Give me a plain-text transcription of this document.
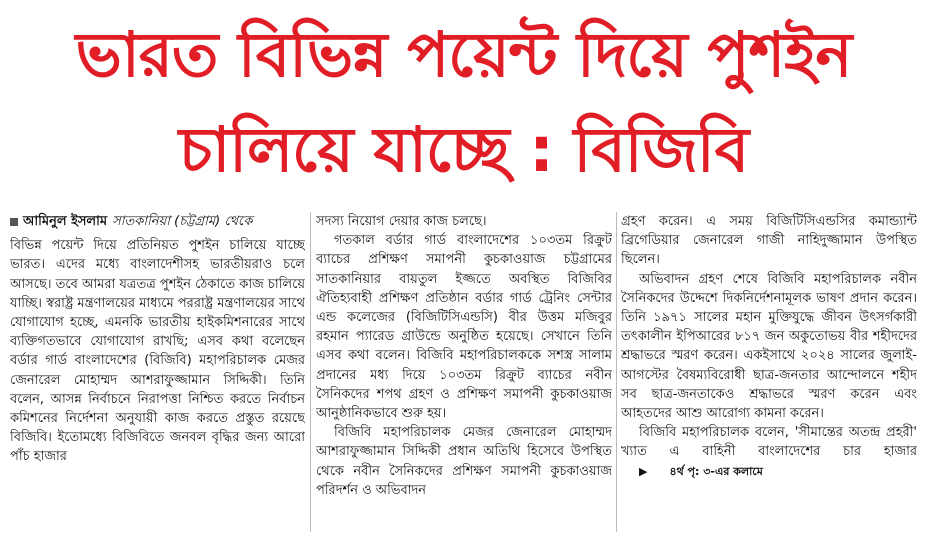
ভারত বিভিন্ন পয়েন্ট দিয়ে পুশইন
চালিয়ে যাচ্ছে : বিজিবি
আমিনুল ইসলাম সাতকানিয়া (চট্টগ্রাম) থেকে

বিভিন্ন পয়েন্ট দিয়ে প্রতিনিয়ত পুশইন চালিয়ে যাচ্ছে ভারত। এদের মধ্যে বাংলাদেশীসহ ভারতীয়রাও চলে আসছে। তবে আমরা যত্রতত্র পুশইন ঠেকাতে কাজ চালিয়ে যাচ্ছি। স্বরাষ্ট্র মন্ত্রণালয়ের মাধ্যমে পররাষ্ট্র মন্ত্রণালয়ের সাথে যোগাযোগ হচ্ছে, এমনকি ভারতীয় হাইকমিশনারের সাথে ব্যক্তিগতভাবে যোগাযোগ রাখছি; এসব কথা বলেছেন বর্ডার গার্ড বাংলাদেশের (বিজিবি) মহাপরিচালক মেজর জেনারেল মোহাম্মদ আশরাফুজ্জামান সিদ্দিকী। তিনি বলেন, আসন্ন নির্বাচনে নিরাপত্তা নিশ্চিত করতে নির্বাচন কমিশনের নির্দেশনা অনুযায়ী কাজ করতে প্রস্তুত রয়েছে বিজিবি। ইতোমধ্যে বিজিবিতে জনবল বৃদ্ধির জন্য আরো পাঁচ হাজার

সদস্য নিয়োগ দেয়ার কাজ চলছে।

গতকাল বর্ডার গার্ড বাংলাদেশের ১০৩তম রিক্রুট ব্যাচের প্রশিক্ষণ সমাপনী কুচকাওয়াজ চট্টগ্রামের সাতকানিয়ার বায়তুল ইজ্জতে অবস্থিত বিজিবির ঐতিহ্যবাহী প্রশিক্ষণ প্রতিষ্ঠান বর্ডার গার্ড ট্রেনিং সেন্টার এন্ড কলেজের (বিজিটিসিএন্ডসি) বীর উত্তম মজিবুর রহমান প্যারেড গ্রাউন্ডে অনুষ্ঠিত হয়েছে। সেখানে তিনি এসব কথা বলেন। বিজিবি মহাপরিচালককে সশস্ত্র সালাম প্রদানের মধ্য দিয়ে ১০৩তম রিক্রুট ব্যাচের নবীন সৈনিকদের শপথ গ্রহণ ও প্রশিক্ষণ সমাপনী কুচকাওয়াজ আনুষ্ঠানিকভাবে শুরু হয়।

বিজিবি মহাপরিচালক মেজর জেনারেল মোহাম্মদ আশরাফুজ্জামান সিদ্দিকী প্রধান অতিথি হিসেবে উপস্থিত থেকে নবীন সৈনিকদের প্রশিক্ষণ সমাপনী কুচকাওয়াজ পরিদর্শন ও অভিবাদন

গ্রহণ করেন। এ সময় বিজিটিসিএন্ডসির কমান্ড্যান্ট ব্রিগেডিয়ার জেনারেল গাজী নাহিদুজ্জামান উপস্থিত ছিলেন।

অভিবাদন গ্রহণ শেষে বিজিবি মহাপরিচালক নবীন সৈনিকদের উদ্দেশে দিকনির্দেশনামূলক ভাষণ প্রদান করেন। তিনি ১৯৭১ সালের মহান মুক্তিযুদ্ধে জীবন উৎসর্গকারী তৎকালীন ইপিআরের ৮১৭ জন অকুতোভয় বীর শহীদদের শ্রদ্ধাভরে স্মরণ করেন। একইসাথে ২০২৪ সালের জুলাই-আগস্টের বৈষম্যবিরোধী ছাত্র-জনতার আন্দোলনে শহীদ সব ছাত্র-জনতাকেও শ্রদ্ধাভরে স্মরণ করেন এবং আহতদের আশু আরোগ্য কামনা করেন।

বিজিবি মহাপরিচালক বলেন, 'সীমান্তের অতন্দ্র প্রহরী' খ্যাত এ বাহিনী বাংলাদেশের চার হাজার
▶	৪র্থ পৃ: ৩-এর কলামে
